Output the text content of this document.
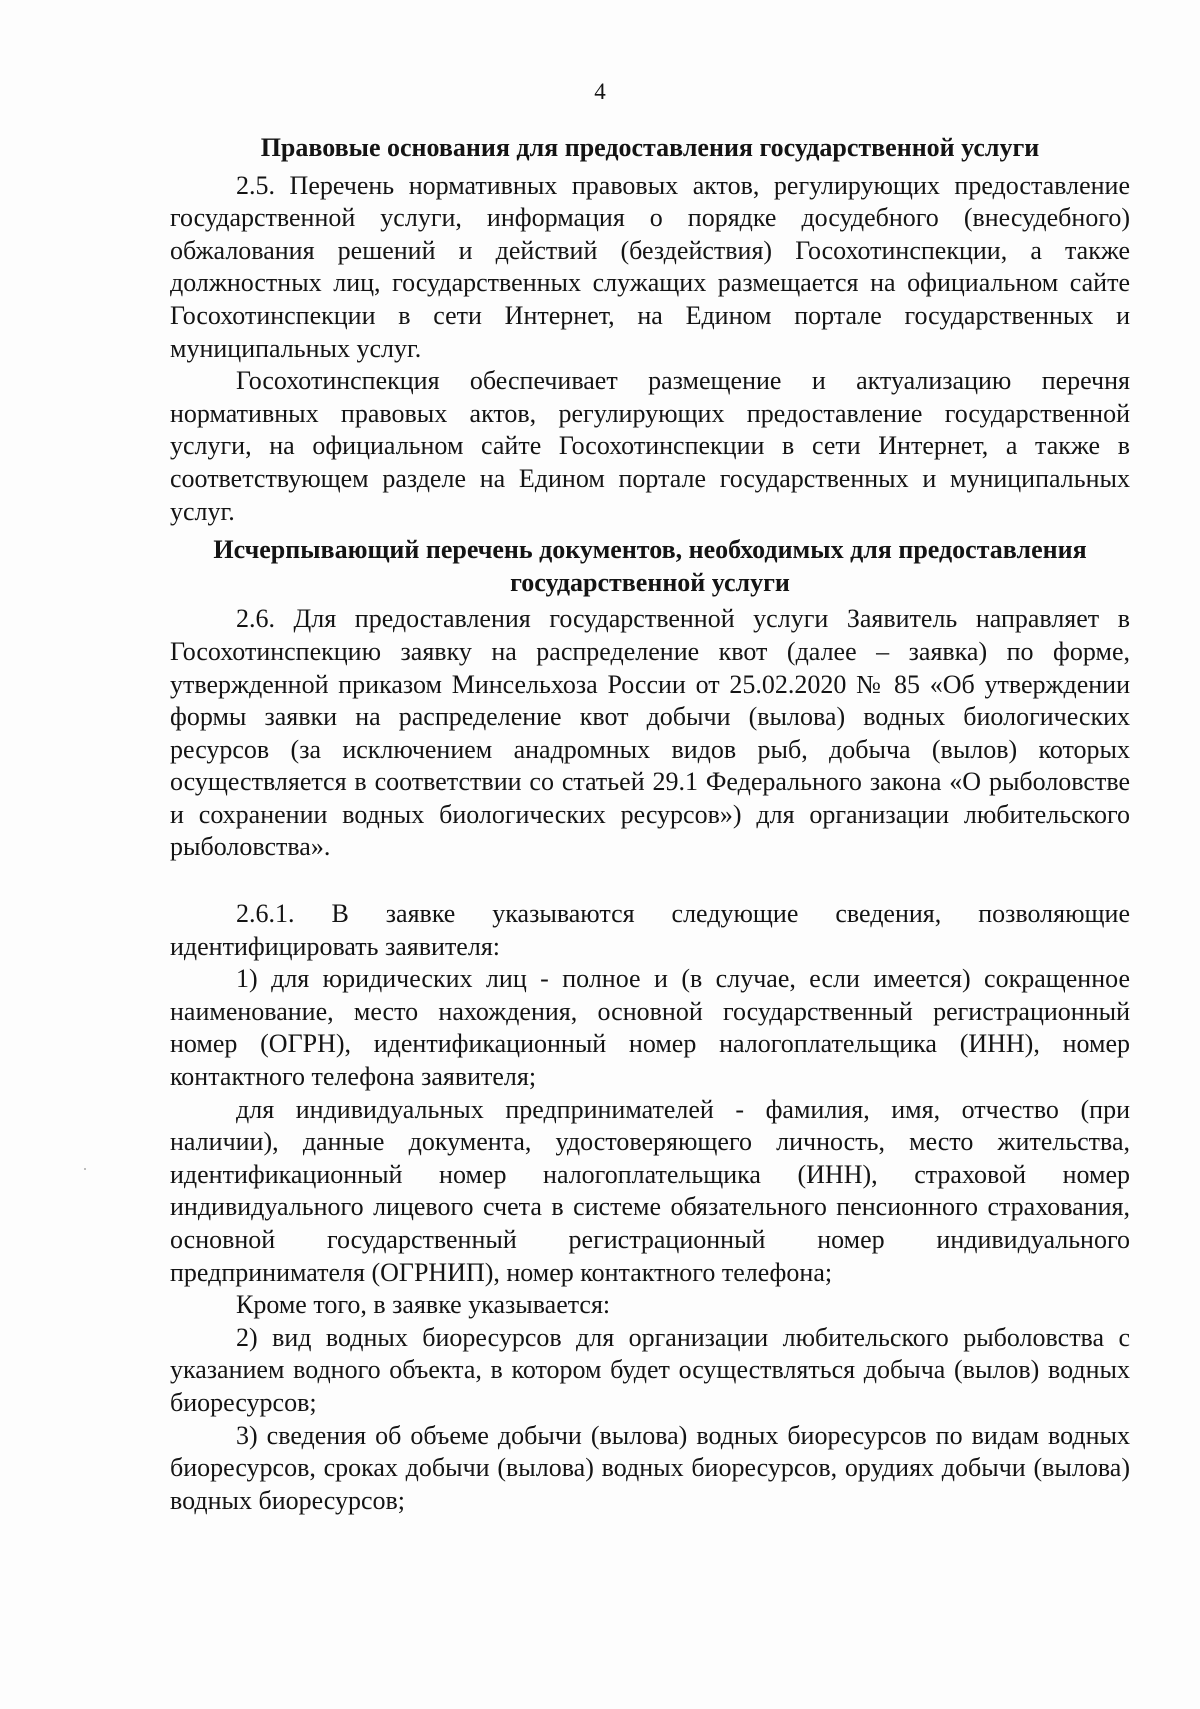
4

Правовые основания для предоставления государственной услуги

2.5. Перечень нормативных правовых актов, регулирующих предоставление государственной услуги, информация о порядке досудебного (внесудебного) обжалования решений и действий (бездействия) Госохотинспекции, а также должностных лиц, государственных служащих размещается на официальном сайте Госохотинспекции в сети Интернет, на Едином портале государственных и муниципальных услуг.

Госохотинспекция обеспечивает размещение и актуализацию перечня нормативных правовых актов, регулирующих предоставление государственной услуги, на официальном сайте Госохотинспекции в сети Интернет, а также в соответствующем разделе на Едином портале государственных и муниципальных услуг.

Исчерпывающий перечень документов, необходимых для предоставления
государственной услуги

2.6. Для предоставления государственной услуги Заявитель направляет в Госохотинспекцию заявку на распределение квот (далее – заявка) по форме, утвержденной приказом Минсельхоза России от 25.02.2020 № 85 «Об утверждении формы заявки на распределение квот добычи (вылова) водных биологических ресурсов (за исключением анадромных видов рыб, добыча (вылов) которых осуществляется в соответствии со статьей 29.1 Федерального закона «О рыболовстве и сохранении водных биологических ресурсов») для организации любительского рыболовства».

2.6.1. В заявке указываются следующие сведения, позволяющие идентифицировать заявителя:

1) для юридических лиц - полное и (в случае, если имеется) сокращенное наименование, место нахождения, основной государственный регистрационный номер (ОГРН), идентификационный номер налогоплательщика (ИНН), номер контактного телефона заявителя;

для индивидуальных предпринимателей - фамилия, имя, отчество (при наличии), данные документа, удостоверяющего личность, место жительства, идентификационный номер налогоплательщика (ИНН), страховой номер индивидуального лицевого счета в системе обязательного пенсионного страхования, основной государственный регистрационный номер индивидуального предпринимателя (ОГРНИП), номер контактного телефона;

Кроме того, в заявке указывается:

2) вид водных биоресурсов для организации любительского рыболовства с указанием водного объекта, в котором будет осуществляться добыча (вылов) водных биоресурсов;

3) сведения об объеме добычи (вылова) водных биоресурсов по видам водных биоресурсов, сроках добычи (вылова) водных биоресурсов, орудиях добычи (вылова) водных биоресурсов;
